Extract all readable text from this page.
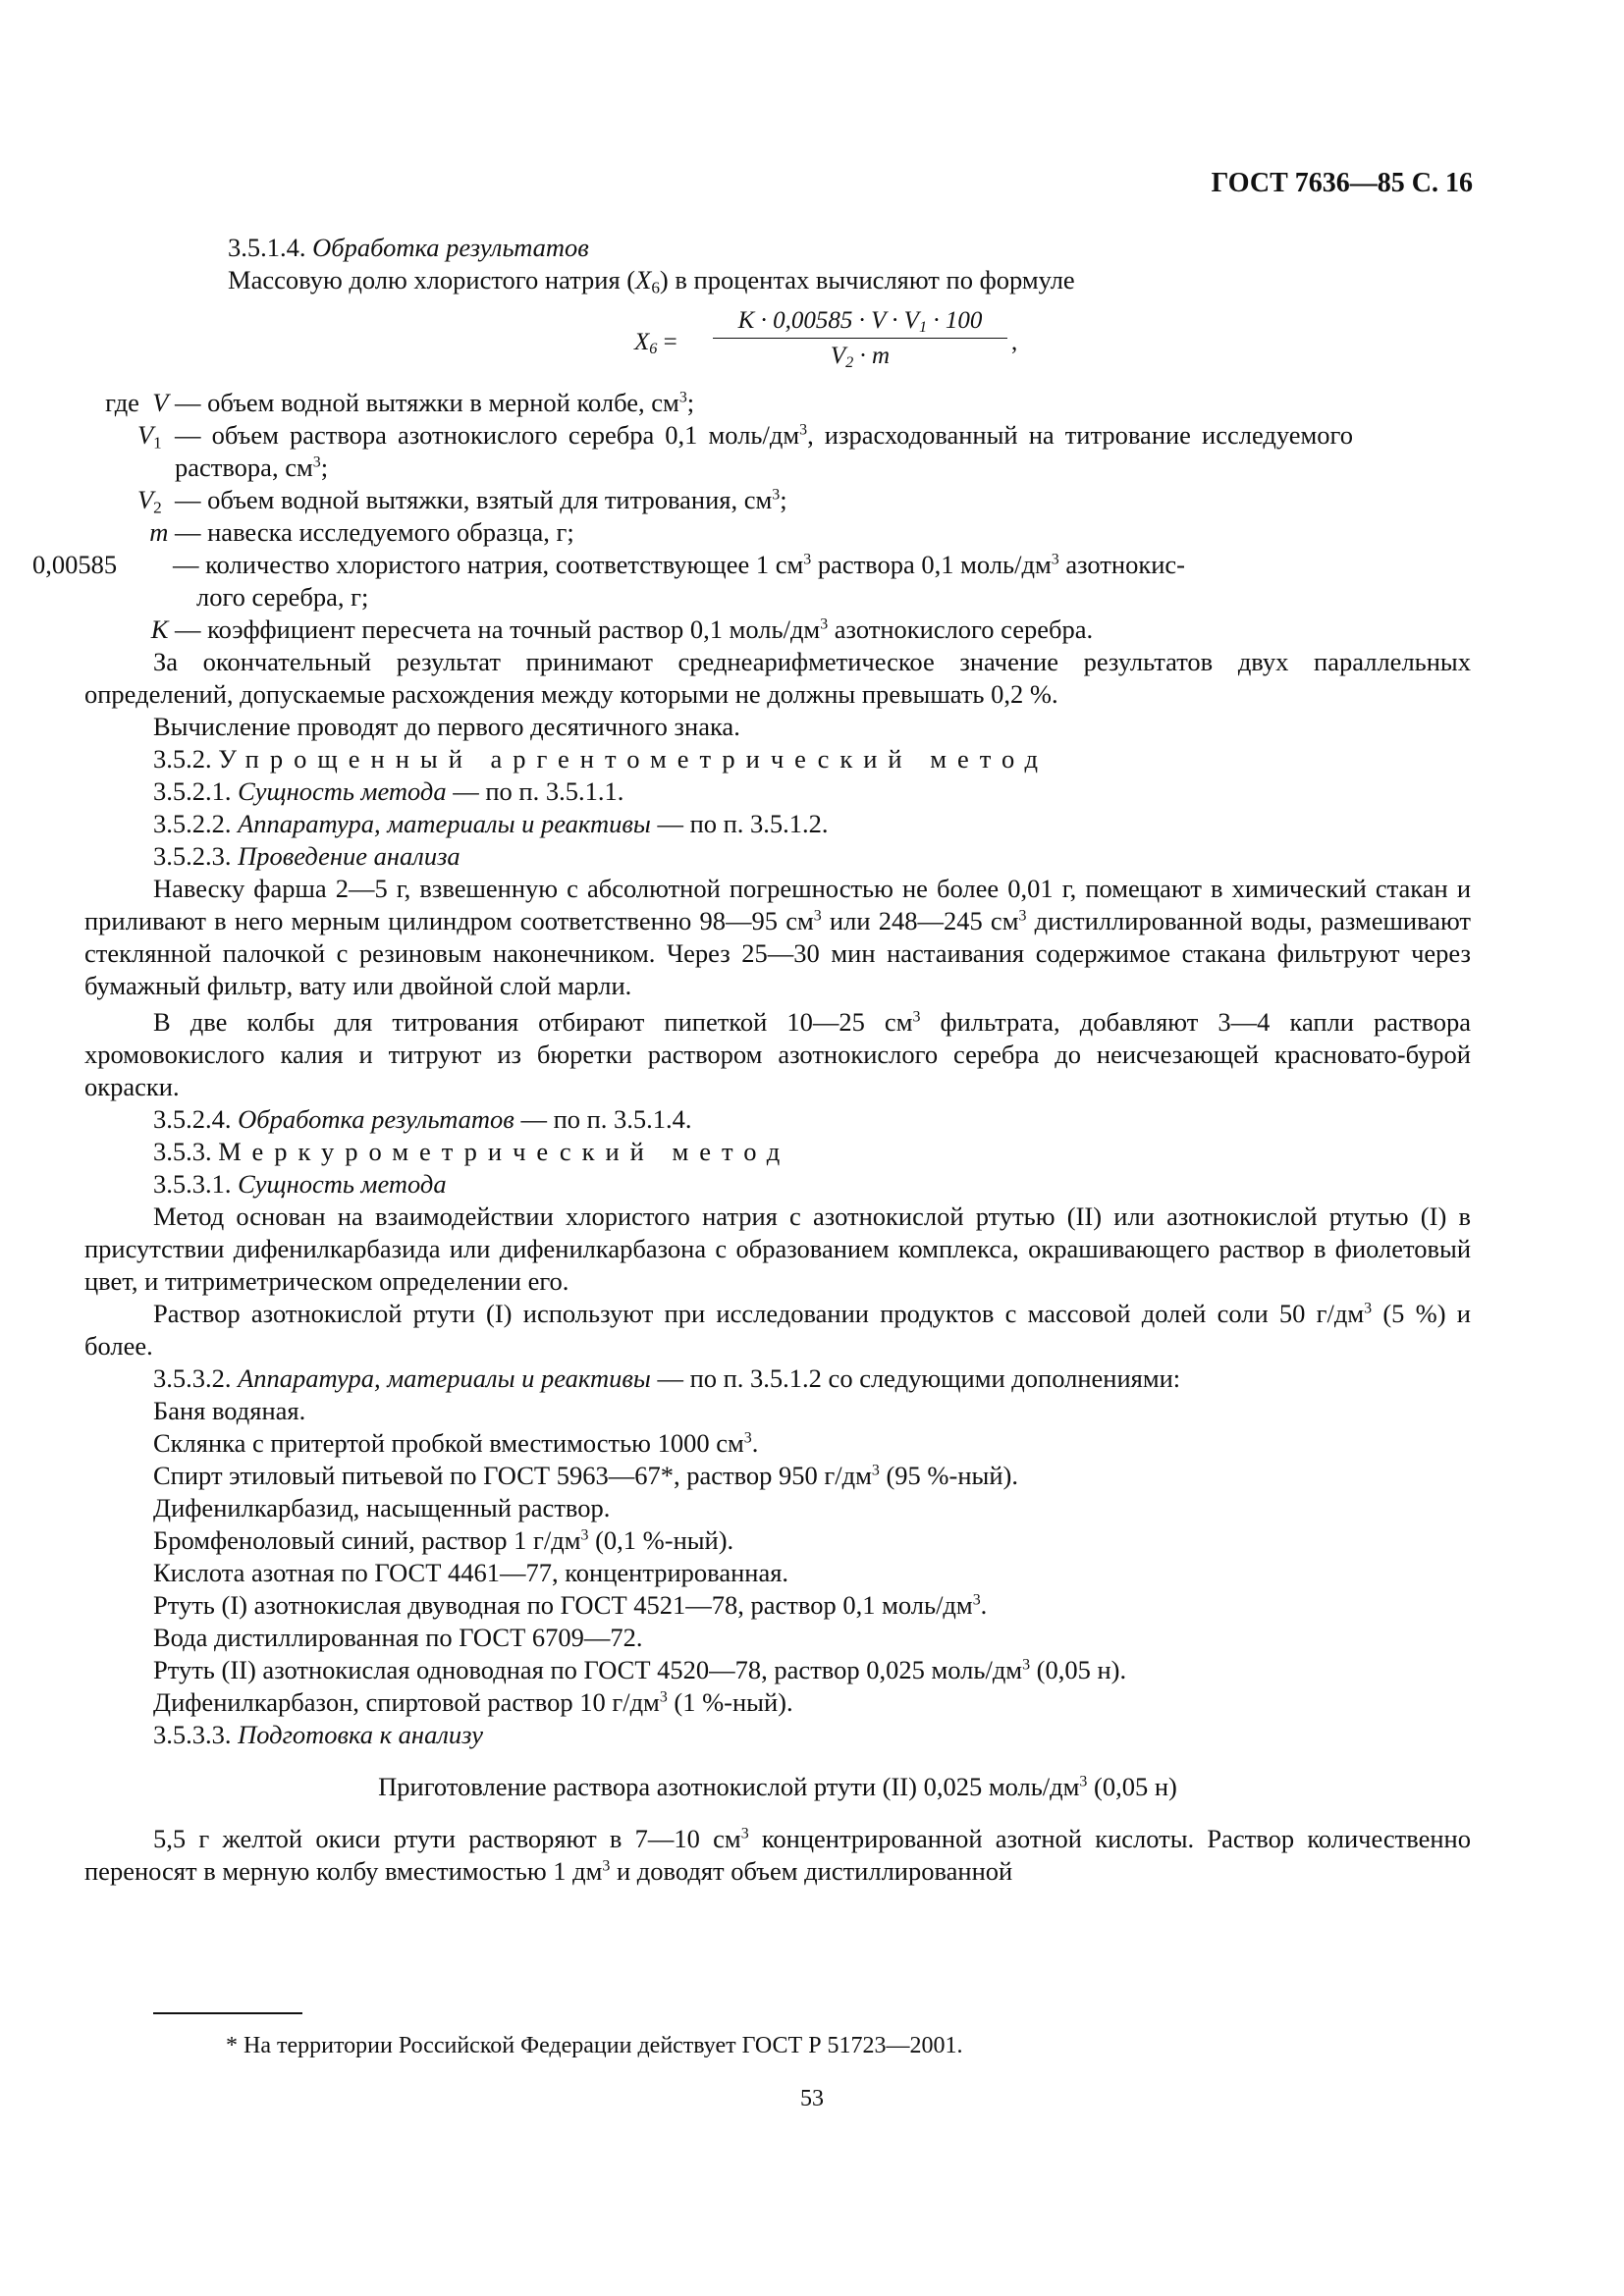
ГОСТ 7636—85 С. 16

3.5.1.4. Обработка результатов

Массовую долю хлористого натрия $(X_6)$ в процентах вычисляют по формуле

$X_6 = \frac{K \cdot 0,00585 \cdot V \cdot V_1 \cdot 100}{V_2 \cdot m}$ ,
где V — объем водной вытяжки в мерной колбе, $см^3$;
$V_1$ — объем раствора азотнокислого серебра 0,1 моль/$дм^3$, израсходованный на титрование исследуемого раствора, $см^3$;
$V_2$ — объем водной вытяжки, взятый для титрования, $см^3$;
m — навеска исследуемого образца, г;
0,00585	— количество хлористого натрия, соответствующее 1 $см^3$ раствора 0,1 моль/$дм^3$ азотнокис-
лого серебра, г;
K — коэффициент пересчета на точный раствор 0,1 моль/$дм^3$ азотнокислого серебра.

За окончательный результат принимают среднеарифметическое значение результатов двух параллельных определений, допускаемые расхождения между которыми не должны превышать 0,2 %.

Вычисление проводят до первого десятичного знака.

3.5.2. Упрощенный аргентометрический метод

3.5.2.1. Сущность метода — по п. 3.5.1.1.

3.5.2.2. Аппаратура, материалы и реактивы — по п. 3.5.1.2.

3.5.2.3. Проведение анализа

Навеску фарша 2—5 г, взвешенную с абсолютной погрешностью не более 0,01 г, помещают в химический стакан и приливают в него мерным цилиндром соответственно 98—95 $см^3$ или 248—245 $см^3$ дистиллированной воды, размешивают стеклянной палочкой с резиновым наконечником. Через 25—30 мин настаивания содержимое стакана фильтруют через бумажный фильтр, вату или двойной слой марли.

В две колбы для титрования отбирают пипеткой 10—25 $см^3$ фильтрата, добавляют 3—4 капли раствора хромовокислого калия и титруют из бюретки раствором азотнокислого серебра до неисчезающей красновато-бурой окраски.

3.5.2.4. Обработка результатов — по п. 3.5.1.4.

3.5.3. Меркурометрический метод

3.5.3.1. Сущность метода

Метод основан на взаимодействии хлористого натрия с азотнокислой ртутью (II) или азотнокислой ртутью (I) в присутствии дифенилкарбазида или дифенилкарбазона с образованием комплекса, окрашивающего раствор в фиолетовый цвет, и титриметрическом определении его.

Раствор азотнокислой ртути (I) используют при исследовании продуктов с массовой долей соли 50 $г/дм^3$ (5 %) и более.

3.5.3.2. Аппаратура, материалы и реактивы — по п. 3.5.1.2 со следующими дополнениями:

Баня водяная.

Склянка с притертой пробкой вместимостью 1000 $см^3$.

Спирт этиловый питьевой по ГОСТ 5963—67*, раствор 950 $г/дм^3$ (95 %-ный).

Дифенилкарбазид, насыщенный раствор.

Бромфеноловый синий, раствор 1 $г/дм^3$ (0,1 %-ный).

Кислота азотная по ГОСТ 4461—77, концентрированная.

Ртуть (I) азотнокислая двуводная по ГОСТ 4521—78, раствор 0,1 моль/$дм^3$.

Вода дистиллированная по ГОСТ 6709—72.

Ртуть (II) азотнокислая одноводная по ГОСТ 4520—78, раствор 0,025 моль/$дм^3$ (0,05 н).

Дифенилкарбазон, спиртовой раствор 10 $г/дм^3$ (1 %-ный).

3.5.3.3. Подготовка к анализу

Приготовление раствора азотнокислой ртути (II) 0,025 моль/$дм^3$ (0,05 н)

5,5 г желтой окиси ртути растворяют в 7—10 $см^3$ концентрированной азотной кислоты. Раствор количественно переносят в мерную колбу вместимостью 1 $дм^3$ и доводят объем дистиллированной

* На территории Российской Федерации действует ГОСТ Р 51723—2001.
53
